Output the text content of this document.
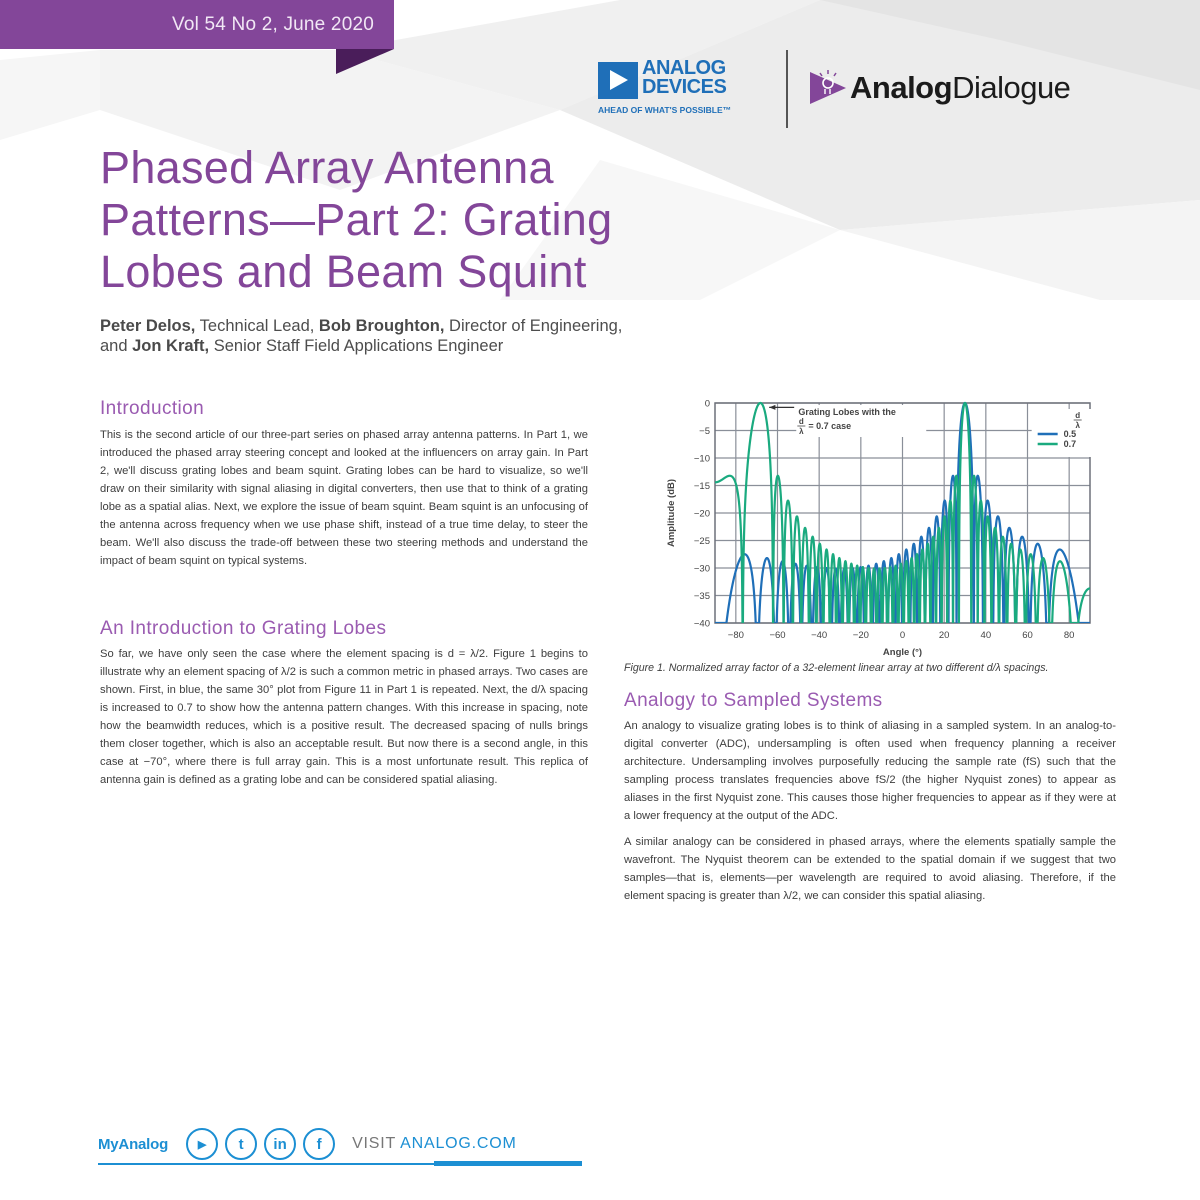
Vol 54 No 2, June 2020
ANALOG
DEVICES
AHEAD OF WHAT'S POSSIBLE™
AnalogDialogue
Phased Array Antenna
Patterns—Part 2: Grating
Lobes and Beam Squint
Peter Delos, Technical Lead, Bob Broughton, Director of Engineering,
and Jon Kraft, Senior Staff Field Applications Engineer
Introduction

This is the second article of our three-part series on phased array antenna patterns. In Part 1, we introduced the phased array steering concept and looked at the influencers on array gain. In Part 2, we'll discuss grating lobes and beam squint. Grating lobes can be hard to visualize, so we'll draw on their similarity with signal aliasing in digital converters, then use that to think of a grating lobe as a spatial alias. Next, we explore the issue of beam squint. Beam squint is an unfocusing of the antenna across frequency when we use phase shift, instead of a true time delay, to steer the beam. We'll also discuss the trade-off between these two steering methods and understand the impact of beam squint on typical systems.

An Introduction to Grating Lobes

So far, we have only seen the case where the element spacing is d = λ/2. Figure 1 begins to illustrate why an element spacing of λ/2 is such a common metric in phased arrays. Two cases are shown. First, in blue, the same 30° plot from Figure 11 in Part 1 is repeated. Next, the d/λ spacing is increased to 0.7 to show how the antenna pattern changes. With this increase in spacing, note how the beamwidth reduces, which is a positive result. The decreased spacing of nulls brings them closer together, which is also an acceptable result. But now there is a second angle, in this case at −70°, where there is full array gain. This is a most unfortunate result. This replica of antenna gain is defined as a grating lobe and can be considered spatial aliasing.

0
−5
−10
−15
−20
−25
−30
−35
−40
−80	−60	−40	−20	0	20	40	60	80
Angle (°)
Amplitude (dB)
Grating Lobes with the
d
λ
= 0.7 case
d
λ
0.5
0.7
Figure 1. Normalized array factor of a 32-element linear array at two different d/λ spacings.
Analogy to Sampled Systems

An analogy to visualize grating lobes is to think of aliasing in a sampled system. In an analog-to-digital converter (ADC), undersampling is often used when frequency planning a receiver architecture. Undersampling involves purposefully reducing the sample rate (fS) such that the sampling process translates frequencies above fS/2 (the higher Nyquist zones) to appear as aliases in the first Nyquist zone. This causes those higher frequencies to appear as if they were at a lower frequency at the output of the ADC.

A similar analogy can be considered in phased arrays, where the elements spatially sample the wavefront. The Nyquist theorem can be extended to the spatial domain if we suggest that two samples—that is, elements—per wavelength are required to avoid aliasing. Therefore, if the element spacing is greater than λ/2, we can consider this spatial aliasing.

MyAnalog	▶	t	in	f	VISIT ANALOG.COM
